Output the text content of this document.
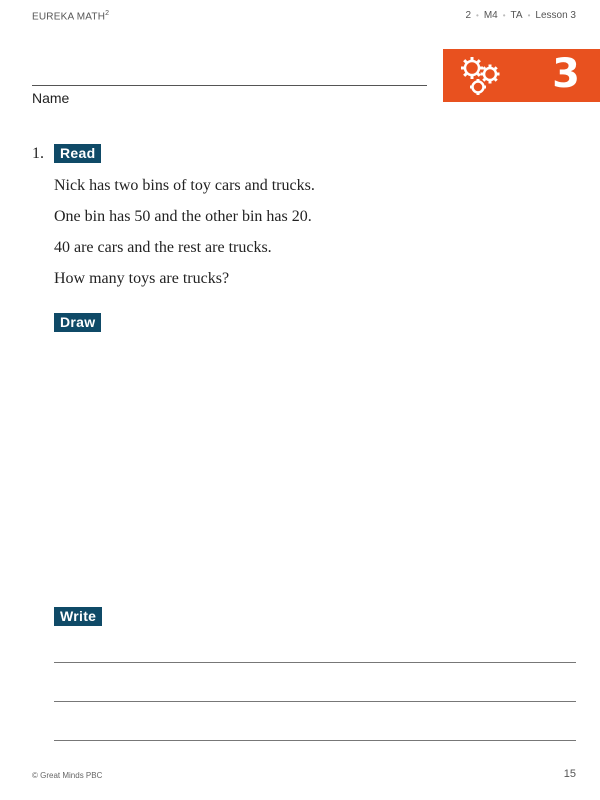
EUREKA MATH$^2$	2 • M4 • TA • Lesson 3
3
Name
1.	Read
Nick has two bins of toy cars and trucks.
One bin has 50 and the other bin has 20.
40 are cars and the rest are trucks.
How many toys are trucks?
Draw
Write
© Great Minds PBC	15
